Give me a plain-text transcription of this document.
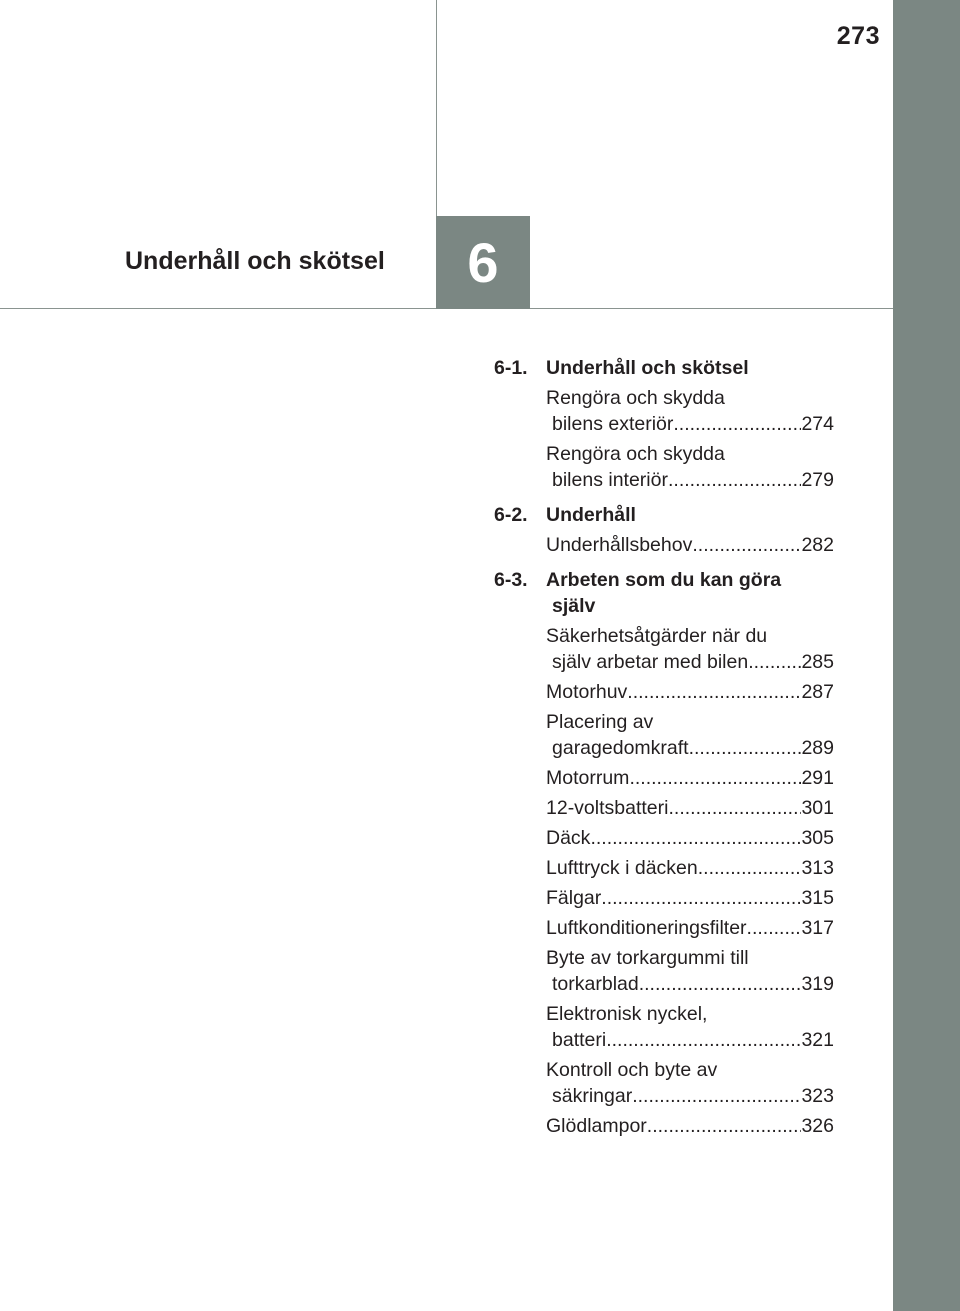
273
Underhåll och skötsel 6
6-1. Underhåll och skötsel
Rengöra och skydda
bilens exteriör .....	274
Rengöra och skydda
bilens interiör .....	279
6-2. Underhåll
Underhållsbehov .....	282
6-3. Arbeten som du kan göra
själv
Säkerhetsåtgärder när du
själv arbetar med bilen .....	285
Motorhuv .....	287
Placering av
garagedomkraft .....	289
Motorrum .....	291
12-voltsbatteri .....	301
Däck .....	305
Lufttryck i däcken .....	313
Fälgar .....	315
Luftkonditioneringsfilter .....	317
Byte av torkargummi till
torkarblad .....	319
Elektronisk nyckel,
batteri .....	321
Kontroll och byte av
säkringar .....	323
Glödlampor .....	326
